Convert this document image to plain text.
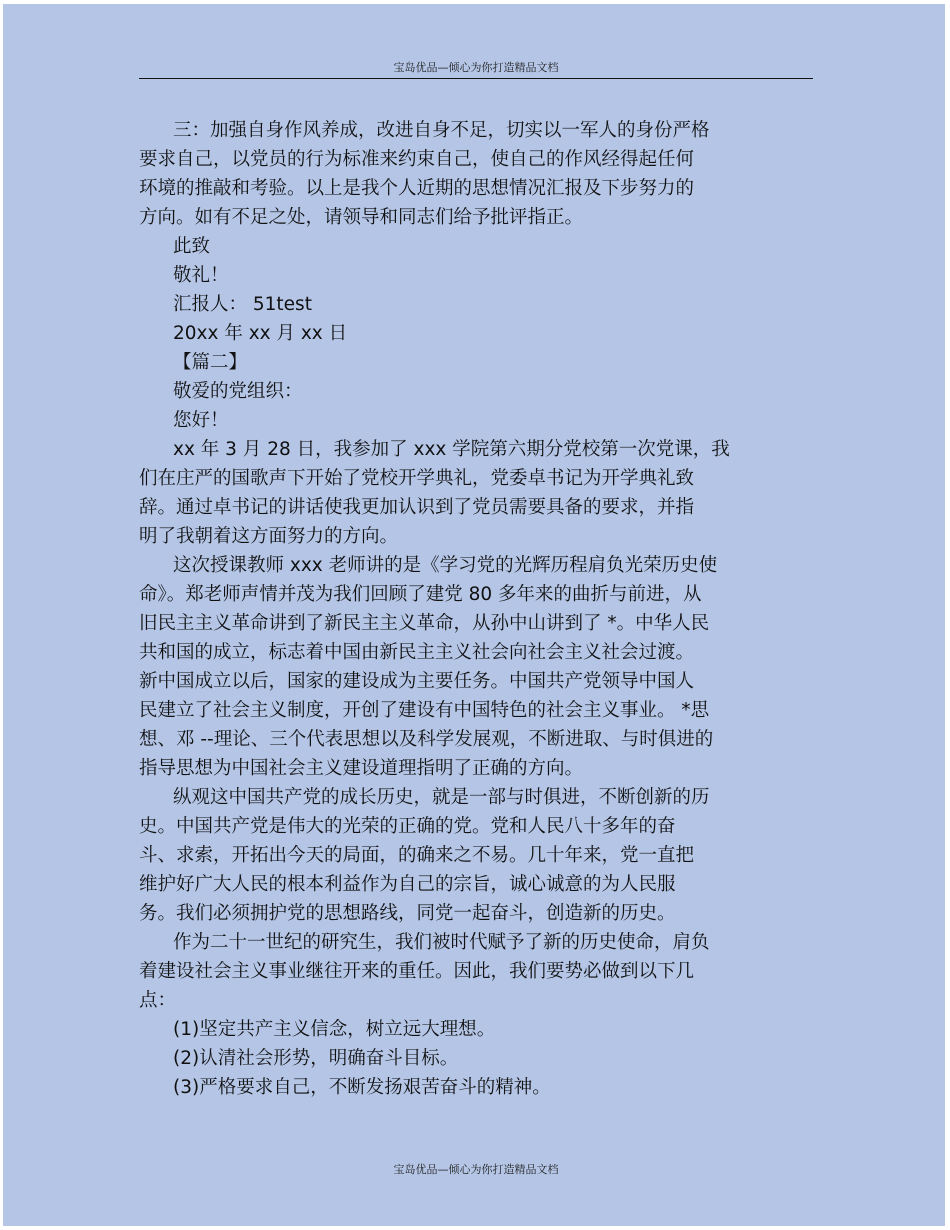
宝岛优品—倾心为你打造精品文档
三：加强自身作风养成，改进自身不足，切实以一军人的身份严格
要求自己，以党员的行为标准来约束自己，使自己的作风经得起任何
环境的推敲和考验。以上是我个人近期的思想情况汇报及下步努力的
方向。如有不足之处，请领导和同志们给予批评指正。
此致
敬礼！
汇报人： 51test
20xx 年 xx 月 xx 日
【篇二】
敬爱的党组织：
您好！
xx 年 3 月 28 日，我参加了 xxx 学院第六期分党校第一次党课，我
们在庄严的国歌声下开始了党校开学典礼，党委卓书记为开学典礼致
辞。通过卓书记的讲话使我更加认识到了党员需要具备的要求，并指
明了我朝着这方面努力的方向。
这次授课教师 xxx 老师讲的是《学习党的光辉历程肩负光荣历史使
命》。郑老师声情并茂为我们回顾了建党 80 多年来的曲折与前进，从
旧民主主义革命讲到了新民主主义革命，从孙中山讲到了 *。中华人民
共和国的成立，标志着中国由新民主主义社会向社会主义社会过渡。
新中国成立以后，国家的建设成为主要任务。中国共产党领导中国人
民建立了社会主义制度，开创了建设有中国特色的社会主义事业。 *思
想、邓 --理论、三个代表思想以及科学发展观，不断进取、与时俱进的
指导思想为中国社会主义建设道理指明了正确的方向。
纵观这中国共产党的成长历史，就是一部与时俱进，不断创新的历
史。中国共产党是伟大的光荣的正确的党。党和人民八十多年的奋
斗、求索，开拓出今天的局面，的确来之不易。几十年来，党一直把
维护好广大人民的根本利益作为自己的宗旨，诚心诚意的为人民服
务。我们必须拥护党的思想路线，同党一起奋斗，创造新的历史。
作为二十一世纪的研究生，我们被时代赋予了新的历史使命，肩负
着建设社会主义事业继往开来的重任。因此，我们要势必做到以下几
点：
(1)坚定共产主义信念，树立远大理想。
(2)认清社会形势，明确奋斗目标。
(3)严格要求自己，不断发扬艰苦奋斗的精神。
宝岛优品—倾心为你打造精品文档
